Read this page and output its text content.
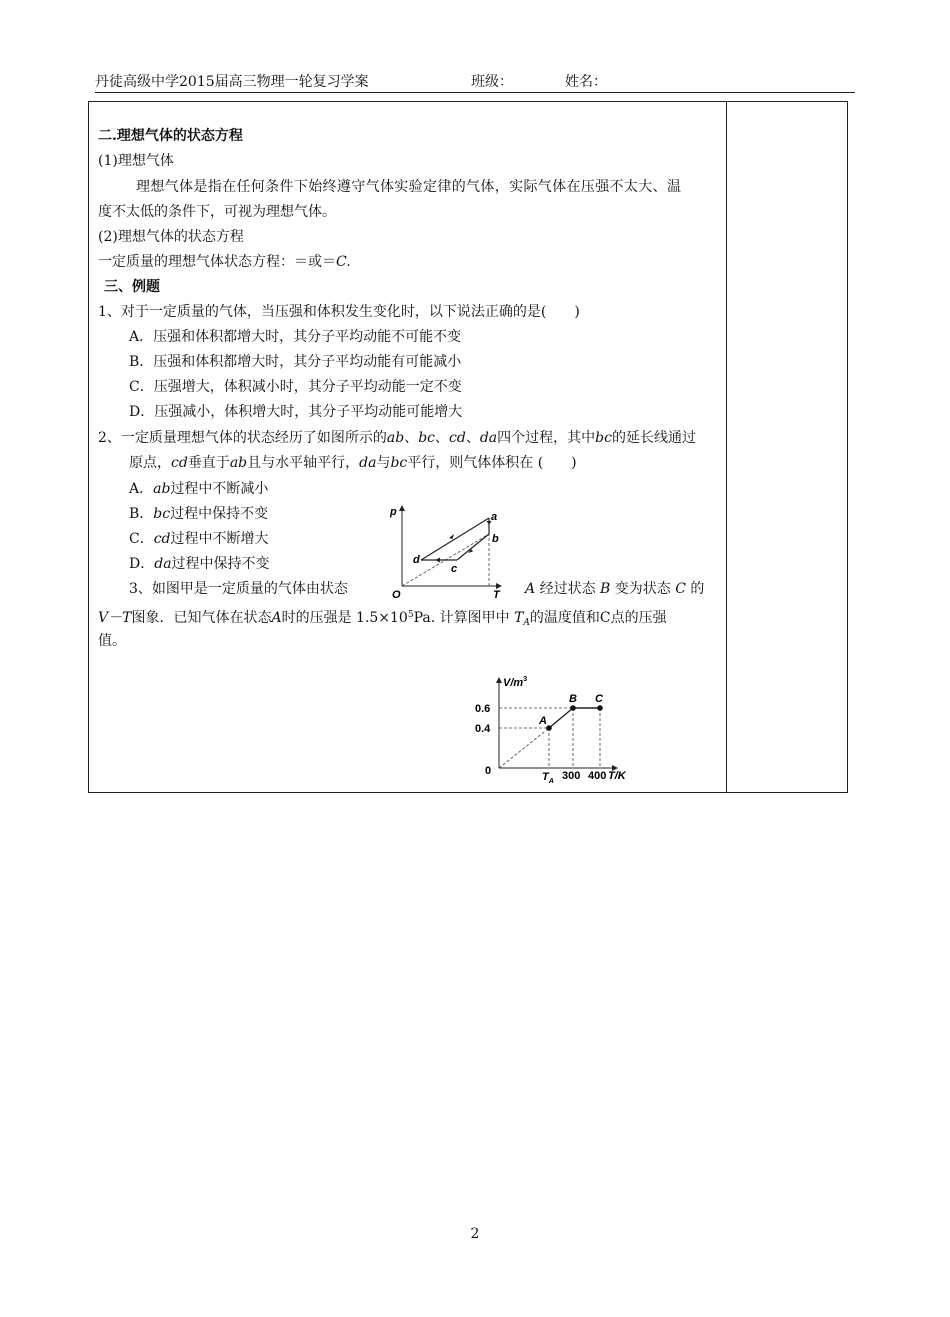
丹徒高级中学2015届高三物理一轮复习学案	班级：	姓名：
二.理想气体的状态方程
(1)理想气体
理想气体是指在任何条件下始终遵守气体实验定律的气体，实际气体在压强不太大、温
度不太低的条件下，可视为理想气体。
(2)理想气体的状态方程
一定质量的理想气体状态方程：＝或＝C.
三、例题
1、对于一定质量的气体，当压强和体积发生变化时，以下说法正确的是(　　)
A．压强和体积都增大时，其分子平均动能不可能不变
B．压强和体积都增大时，其分子平均动能有可能减小
C．压强增大，体积减小时，其分子平均动能一定不变
D．压强减小，体积增大时，其分子平均动能可能增大
2、一定质量理想气体的状态经历了如图所示的ab、bc、cd、da四个过程，其中bc的延长线通过
原点，cd垂直于ab且与水平轴平行，da与bc平行，则气体体积在 (　　)
A．ab过程中不断减小
B．bc过程中保持不变
C．cd过程中不断增大
D．da过程中保持不变
3、如图甲是一定质量的气体由状态	A 经过状态 B 变为状态 C 的
V－T图象．已知气体在状态A时的压强是 $1.5\times 10^5Pa$. 计算图甲中 $T_A$的温度值和C点的压强
值。
p
T
O
a
b
c
d
$V/m^3$
0.6
0.4
0
A
B C
$T_A$ 300 400 T/K
2
